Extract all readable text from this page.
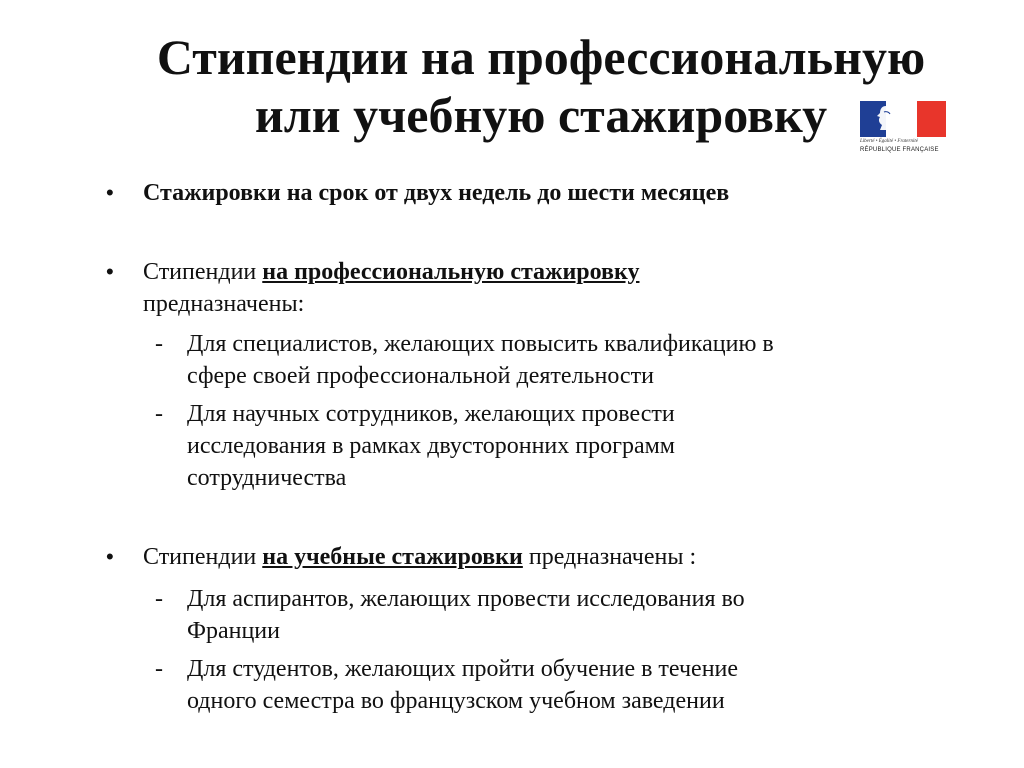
Стипендии на профессиональную
или учебную стажировку	Liberté • Égalité • Fraternité
RÉPUBLIQUE FRANÇAISE
•	Стажировки на срок от двух недель до шести месяцев
•	Стипендии на профессиональную стажировку
предназначены:
-	Для специалистов, желающих повысить квалификацию в
сфере своей профессиональной деятельности
-	Для научных сотрудников, желающих провести
исследования в рамках двусторонних программ
сотрудничества
•	Стипендии на учебные стажировки предназначены :
-	Для аспирантов, желающих провести исследования во
Франции
-	Для студентов, желающих пройти обучение в течение
одного семестра во французском учебном заведении
